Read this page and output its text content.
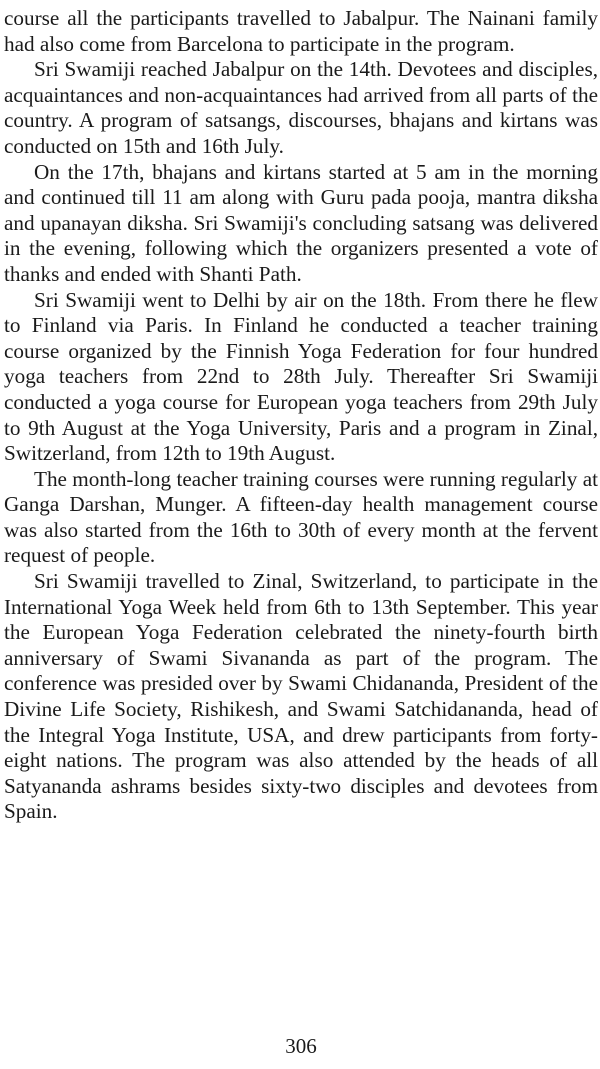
course all the participants travelled to Jabalpur. The Nainani family had also come from Barcelona to participate in the program.

Sri Swamiji reached Jabalpur on the 14th. Devotees and disciples, acquaintances and non-acquaintances had arrived from all parts of the country. A program of satsangs, discourses, bhajans and kirtans was conducted on 15th and 16th July.

On the 17th, bhajans and kirtans started at 5 am in the morning and continued till 11 am along with Guru pada pooja, mantra diksha and upanayan diksha. Sri Swamiji's concluding satsang was delivered in the evening, following which the organizers presented a vote of thanks and ended with Shanti Path.

Sri Swamiji went to Delhi by air on the 18th. From there he flew to Finland via Paris. In Finland he conducted a teacher training course organized by the Finnish Yoga Federation for four hundred yoga teachers from 22nd to 28th July. Thereafter Sri Swamiji conducted a yoga course for European yoga teachers from 29th July to 9th August at the Yoga University, Paris and a program in Zinal, Switzerland, from 12th to 19th August.

The month-long teacher training courses were running regularly at Ganga Darshan, Munger. A fifteen-day health management course was also started from the 16th to 30th of every month at the fervent request of people.

Sri Swamiji travelled to Zinal, Switzerland, to participate in the International Yoga Week held from 6th to 13th September. This year the European Yoga Federation celebrated the ninety-fourth birth anniversary of Swami Sivananda as part of the program. The conference was presided over by Swami Chidananda, President of the Divine Life Society, Rishikesh, and Swami Satchidananda, head of the Integral Yoga Institute, USA, and drew participants from forty-eight nations. The program was also attended by the heads of all Satyananda ashrams besides sixty-two disciples and devotees from Spain.

306
